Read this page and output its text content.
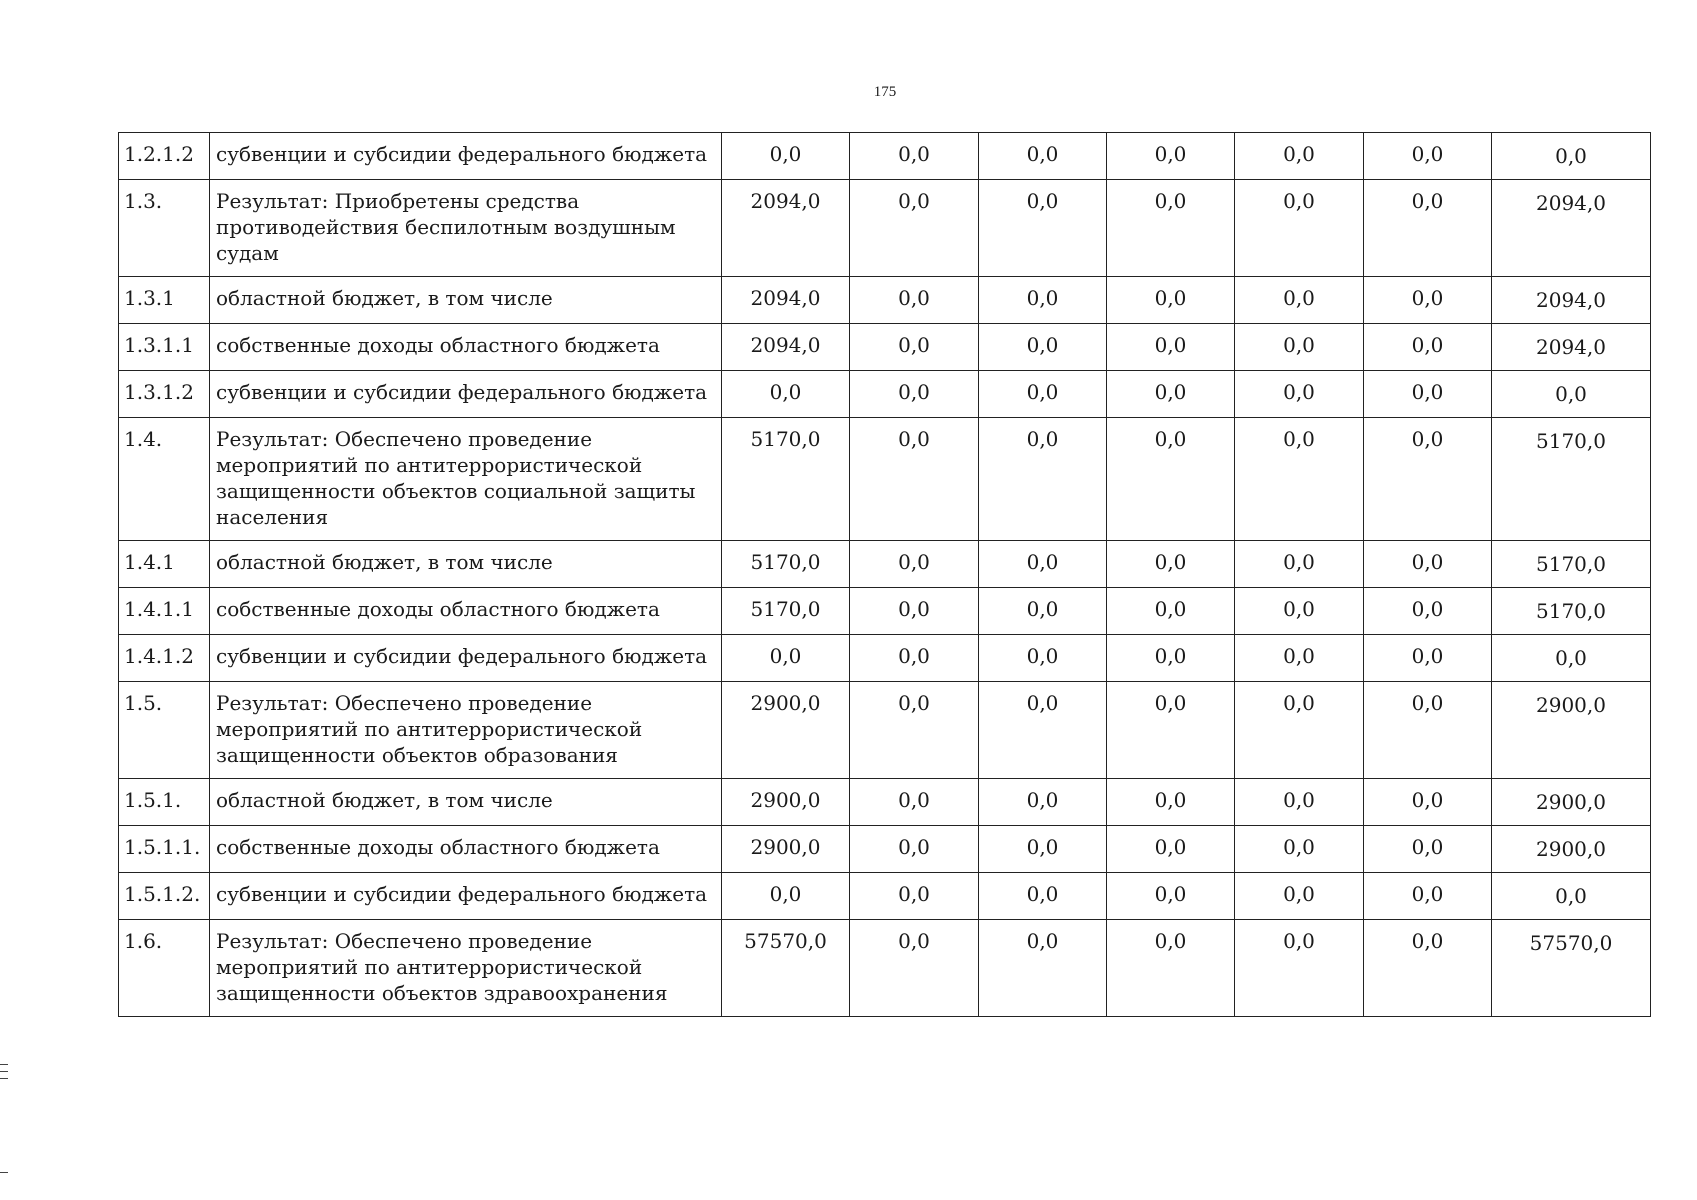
175
1.2.1.2	субвенции и субсидии федерального бюджета	0,0	0,0	0,0	0,0	0,0	0,0	0,0
1.3.	Результат: Приобретены средства противодействия беспилотным воздушным судам	2094,0	0,0	0,0	0,0	0,0	0,0	2094,0
1.3.1	областной бюджет, в том числе	2094,0	0,0	0,0	0,0	0,0	0,0	2094,0
1.3.1.1	собственные доходы областного бюджета	2094,0	0,0	0,0	0,0	0,0	0,0	2094,0
1.3.1.2	субвенции и субсидии федерального бюджета	0,0	0,0	0,0	0,0	0,0	0,0	0,0
1.4.	Результат: Обеспечено проведение мероприятий по антитеррористической защищенности объектов социальной защиты населения	5170,0	0,0	0,0	0,0	0,0	0,0	5170,0
1.4.1	областной бюджет, в том числе	5170,0	0,0	0,0	0,0	0,0	0,0	5170,0
1.4.1.1	собственные доходы областного бюджета	5170,0	0,0	0,0	0,0	0,0	0,0	5170,0
1.4.1.2	субвенции и субсидии федерального бюджета	0,0	0,0	0,0	0,0	0,0	0,0	0,0
1.5.	Результат: Обеспечено проведение мероприятий по антитеррористической защищенности объектов образования	2900,0	0,0	0,0	0,0	0,0	0,0	2900,0
1.5.1.	областной бюджет, в том числе	2900,0	0,0	0,0	0,0	0,0	0,0	2900,0
1.5.1.1.	собственные доходы областного бюджета	2900,0	0,0	0,0	0,0	0,0	0,0	2900,0
1.5.1.2.	субвенции и субсидии федерального бюджета	0,0	0,0	0,0	0,0	0,0	0,0	0,0
1.6.	Результат: Обеспечено проведение мероприятий по антитеррористической защищенности объектов здравоохранения	57570,0	0,0	0,0	0,0	0,0	0,0	57570,0
